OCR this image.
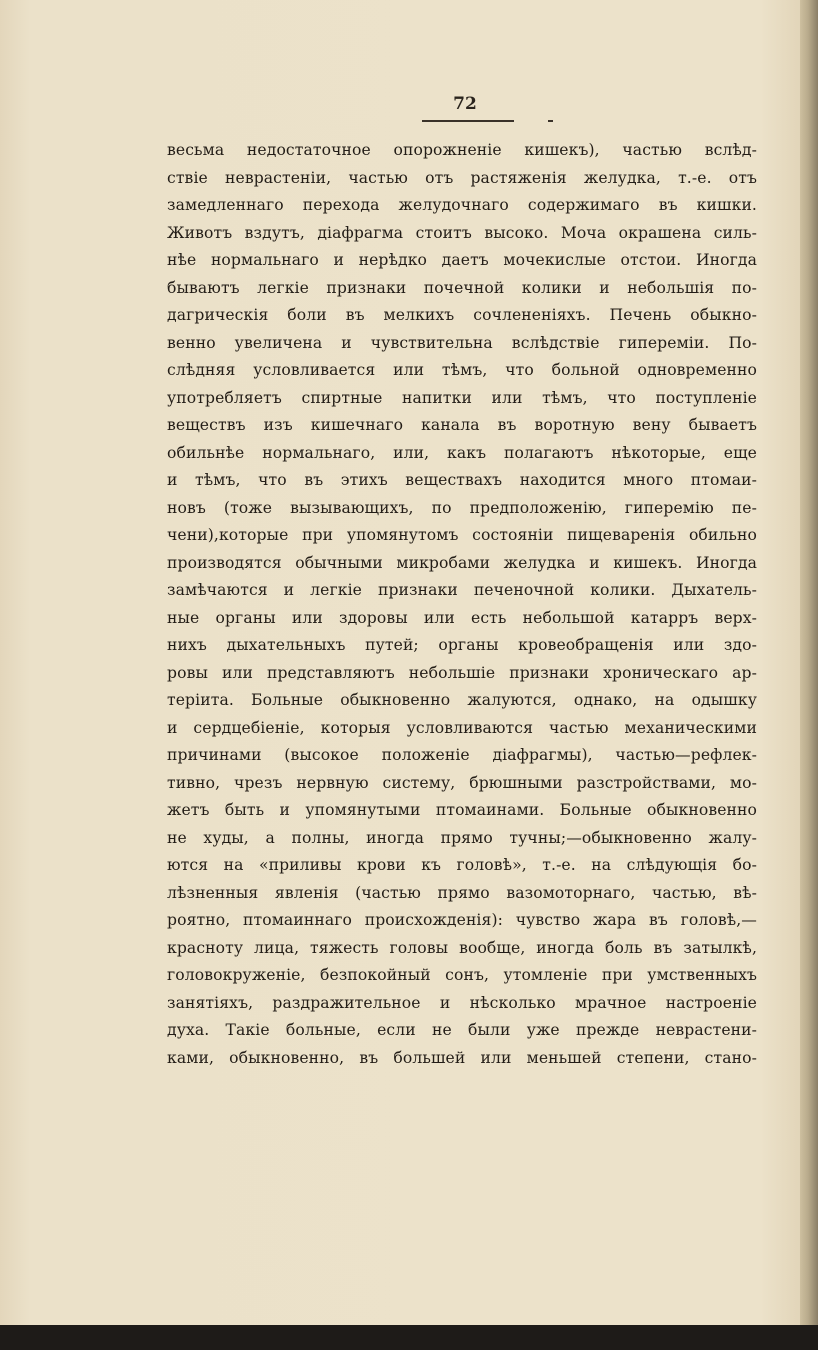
72
весьма недостаточное опорожненіе кишекъ), частью вслѣд-
ствіе неврастеніи, частью отъ растяженія желудка, т.-е. отъ
замедленнаго перехода желудочнаго содержимаго въ кишки.
Животъ вздутъ, діафрагма стоитъ высоко. Моча окрашена силь-
нѣе нормальнаго и нерѣдко даетъ мочекислые отстои. Иногда
бываютъ легкіе признаки почечной колики и небольшія по-
дагрическія боли въ мелкихъ сочлененіяхъ. Печень обыкно-
венно увеличена и чувствительна вслѣдствіе гипереміи. По-
слѣдняя условливается или тѣмъ, что больной одновременно
употребляетъ спиртные напитки или тѣмъ, что поступленіе
веществъ изъ кишечнаго канала въ воротную вену бываетъ
обильнѣе нормальнаго, или, какъ полагаютъ нѣкоторые, еще
и тѣмъ, что въ этихъ веществахъ находится много птомаи-
новъ (тоже вызывающихъ, по предположенію, гиперемію пе-
чени),которые при упомянутомъ состояніи пищеваренія обильно
производятся обычными микробами желудка и кишекъ. Иногда
замѣчаются и легкіе признаки печеночной колики. Дыхатель-
ные органы или здоровы или есть небольшой катарръ верх-
нихъ дыхательныхъ путей; органы кровеобращенія или здо-
ровы или представляютъ небольшіе признаки хроническаго ар-
теріита. Больные обыкновенно жалуются, однако, на одышку
и сердцебіеніе, которыя условливаются частью механическими
причинами (высокое положеніе діафрагмы), частью—рефлек-
тивно, чрезъ нервную систему, брюшными разстройствами, мо-
жетъ быть и упомянутыми птомаинами. Больные обыкновенно
не худы, а полны, иногда прямо тучны;—обыкновенно жалу-
ются на «приливы крови къ головѣ», т.-е. на слѣдующія бо-
лѣзненныя явленія (частью прямо вазомоторнаго, частью, вѣ-
роятно, птомаиннаго происхожденія): чувство жара въ головѣ,—
красноту лица, тяжесть головы вообще, иногда боль въ затылкѣ,
головокруженіе, безпокойный сонъ, утомленіе при умственныхъ
занятіяхъ, раздражительное и нѣсколько мрачное настроеніе
духа. Такіе больные, если не были уже прежде неврастени-
ками, обыкновенно, въ большей или меньшей степени, стано-
